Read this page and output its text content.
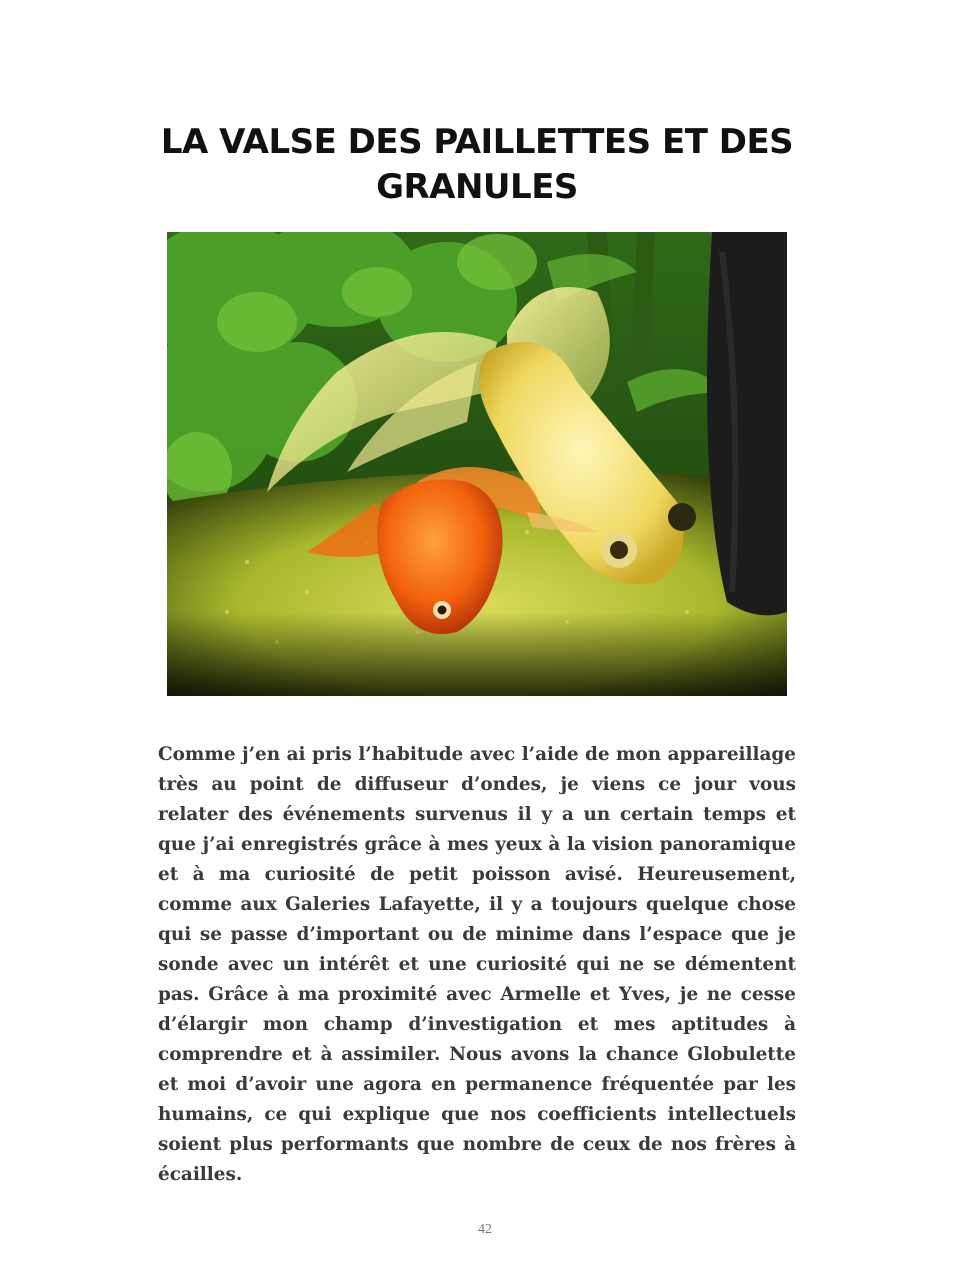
LA VALSE DES PAILLETTES ET DES GRANULES

Comme j’en ai pris l’habitude avec l’aide de mon appareillage très au point de diffuseur d’ondes, je viens ce jour vous relater des événements survenus il y a un certain temps et que j’ai enregistrés grâce à mes yeux à la vision panoramique et à ma curiosité de petit poisson avisé. Heureusement, comme aux Galeries Lafayette, il y a toujours quelque chose qui se passe d’important ou de minime dans l’espace que je sonde avec un intérêt et une curiosité qui ne se démentent pas. Grâce à ma proximité avec Armelle et Yves, je ne cesse d’élargir mon champ d’investigation et mes aptitudes à comprendre et à assimiler. Nous avons la chance Globulette et moi d’avoir une agora en permanence fréquentée par les humains, ce qui explique que nos coefficients intellectuels soient plus performants que nombre de ceux de nos frères à écailles.

42
